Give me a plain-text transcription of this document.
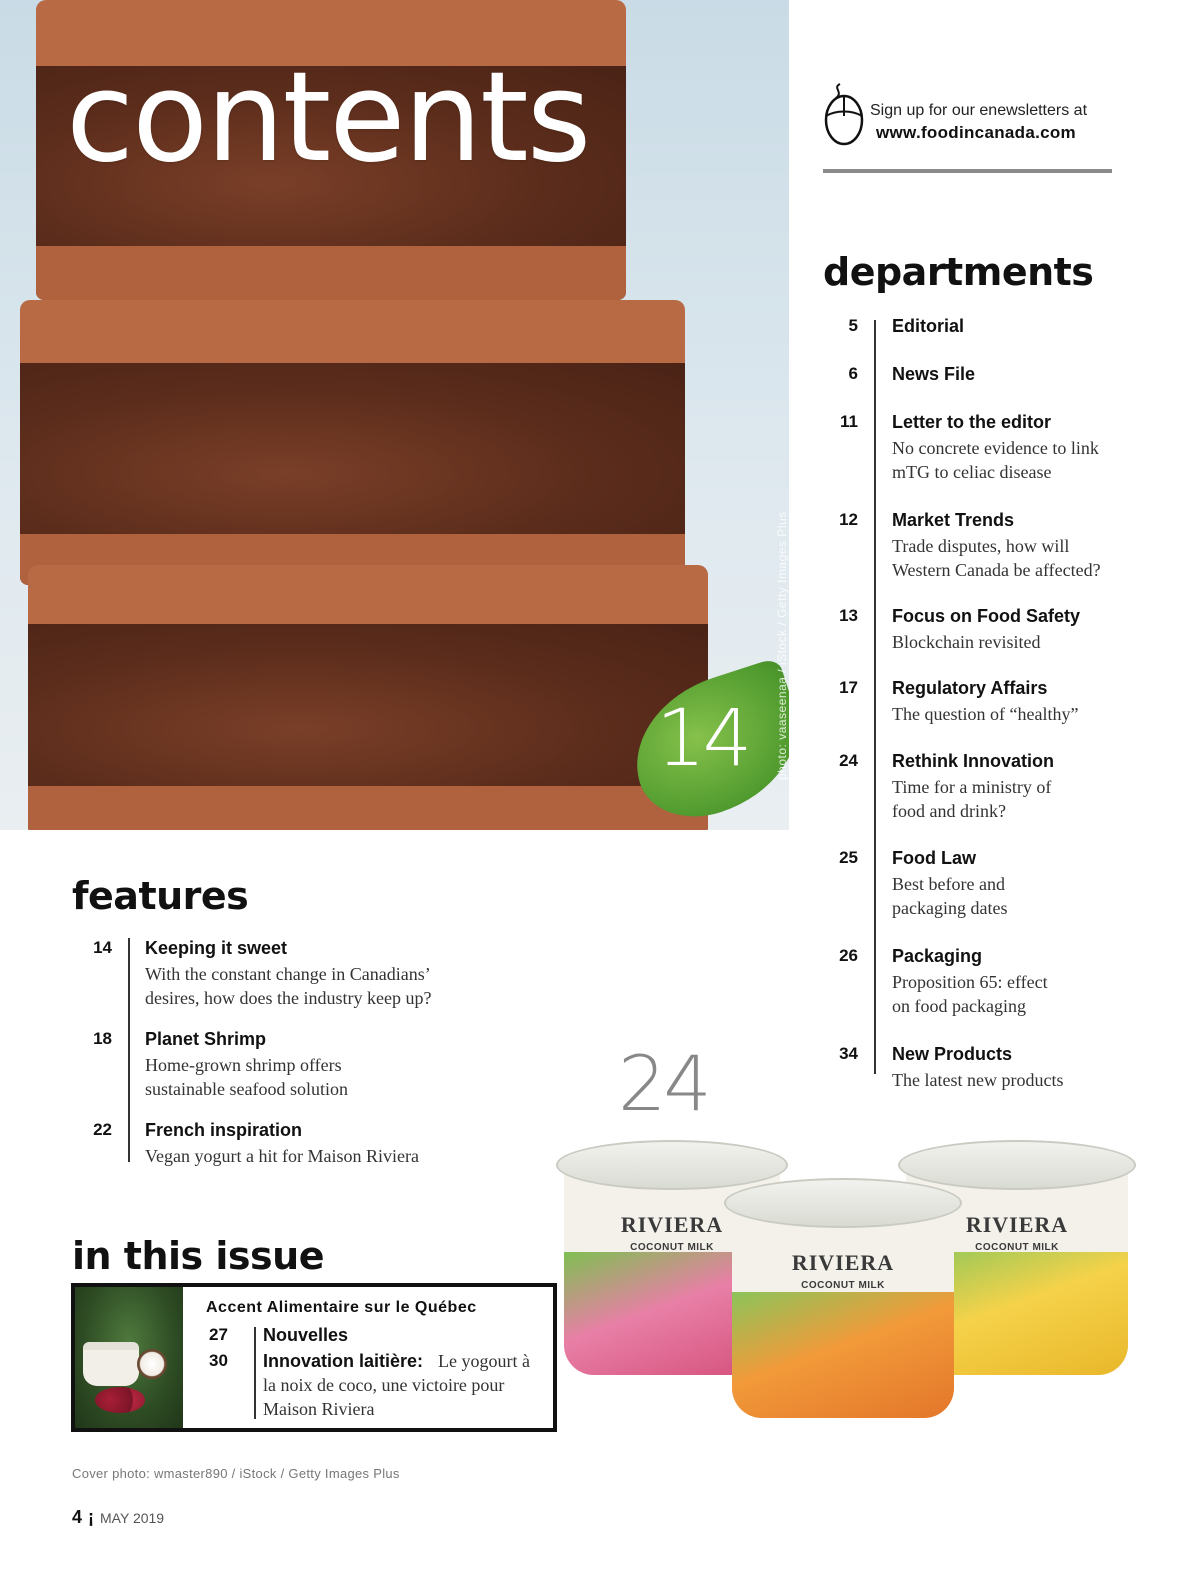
contents
14 photo: vaaseenaa / iStock / Getty Images Plus
Sign up for our enewsletters at
www.foodincanada.com
departments
5 Editorial
6 News File
11 Letter to the editor
No concrete evidence to link mTG to celiac disease
12 Market Trends
Trade disputes, how will Western Canada be affected?
13 Focus on Food Safety
Blockchain revisited
17 Regulatory Affairs
The question of “healthy”
24 Rethink Innovation
Time for a ministry of food and drink?
25 Food Law
Best before and packaging dates
26 Packaging
Proposition 65: effect on food packaging
34 New Products
The latest new products
features
14 Keeping it sweet
With the constant change in Canadians’ desires, how does the industry keep up?
18 Planet Shrimp
Home-grown shrimp offers sustainable seafood solution
22 French inspiration
Vegan yogurt a hit for Maison Riviera
24
RIVIERA
COCONUT MILK
RIVIERA
COCONUT MILK
RIVIERA
COCONUT MILK
in this issue
Accent Alimentaire sur le Québec
27 Nouvelles
30 Innovation laitière: Le yogourt à la noix de coco, une victoire pour Maison Riviera
Cover photo: wmaster890 / iStock / Getty Images Plus
4 ¡ MAY 2019
